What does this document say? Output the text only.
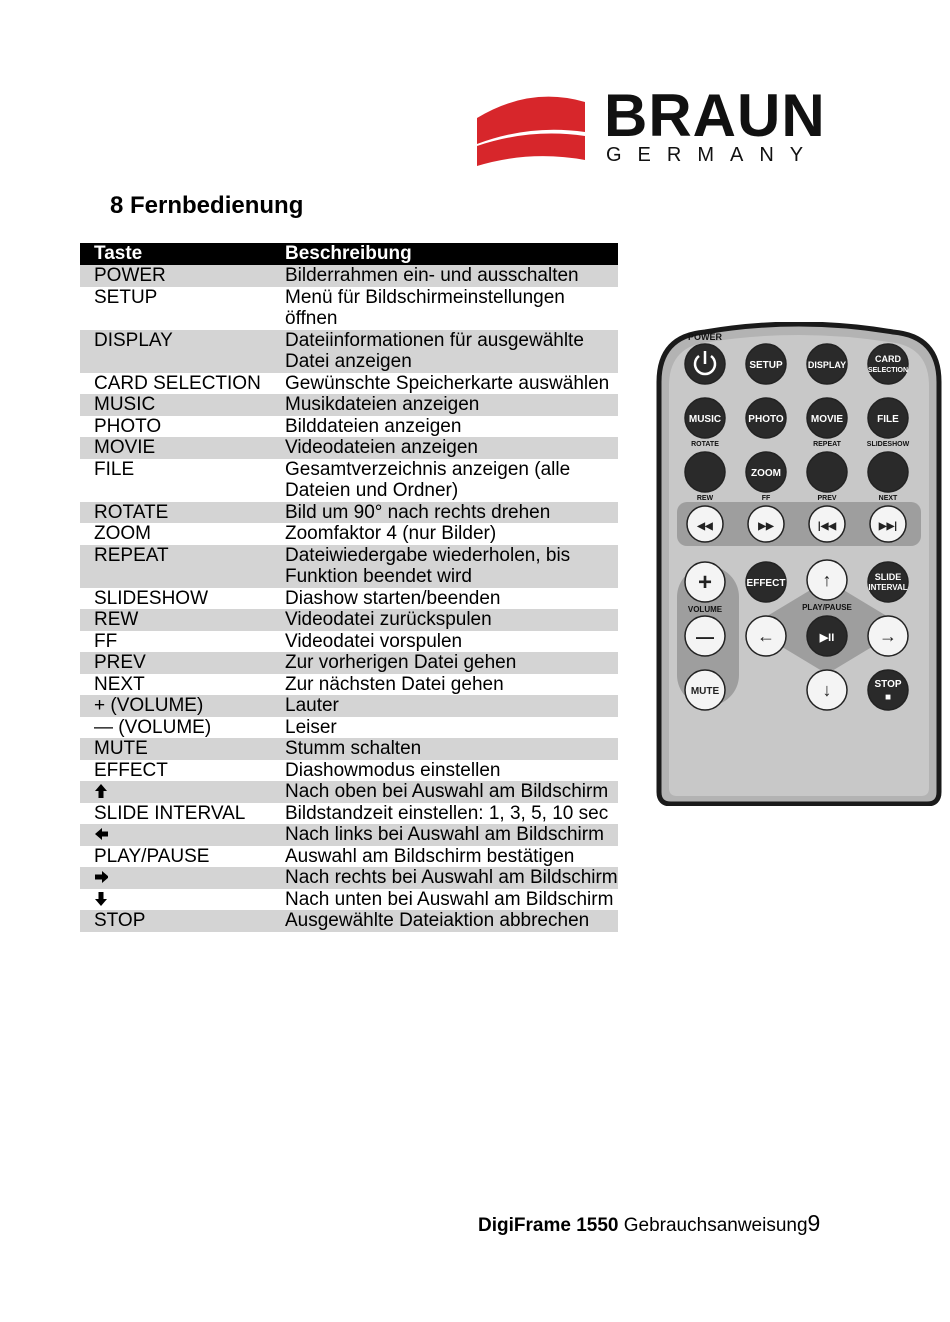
BRAUN
GERMANY
8 Fernbedienung
Taste	Beschreibung
POWER	Bilderrahmen ein- und ausschalten
SETUP	Menü für Bildschirmeinstellungen öffnen
DISPLAY	Dateiinformationen für ausgewählte Datei anzeigen
CARD SELECTION	Gewünschte Speicherkarte auswählen
MUSIC	Musikdateien anzeigen
PHOTO	Bilddateien anzeigen
MOVIE	Videodateien anzeigen
FILE	Gesamtverzeichnis anzeigen (alle Dateien und Ordner)
ROTATE	Bild um 90° nach rechts drehen
ZOOM	Zoomfaktor 4 (nur Bilder)
REPEAT	Dateiwiedergabe wiederholen, bis Funktion beendet wird
SLIDESHOW	Diashow starten/beenden
REW	Videodatei zurückspulen
FF	Videodatei vorspulen
PREV	Zur vorherigen Datei gehen
NEXT	Zur nächsten Datei gehen
+ (VOLUME)	Lauter
— (VOLUME)	Leiser
MUTE	Stumm schalten
EFFECT	Diashowmodus einstellen
	Nach oben bei Auswahl am Bildschirm
SLIDE INTERVAL	Bildstandzeit einstellen: 1, 3, 5, 10 sec
	Nach links bei Auswahl am Bildschirm
PLAY/PAUSE	Auswahl am Bildschirm bestätigen
	Nach rechts bei Auswahl am Bildschirm
	Nach unten bei Auswahl am Bildschirm
STOP	Ausgewählte Dateiaktion abbrechen
POWER
SETUP	DISPLAY
CARD
SELECTION
MUSIC	PHOTO	MOVIE	FILE
ROTATE	REPEAT	SLIDESHOW
ZOOM
REW	FF	PREV	NEXT
◀◀	▶▶	|◀◀	▶▶|
+	EFFECT ↑	SLIDE
INTERVAL
VOLUME	PLAY/PAUSE
— ←	▶II →
MUTE	↓	STOP
■
DigiFrame 1550 Gebrauchsanweisung9
